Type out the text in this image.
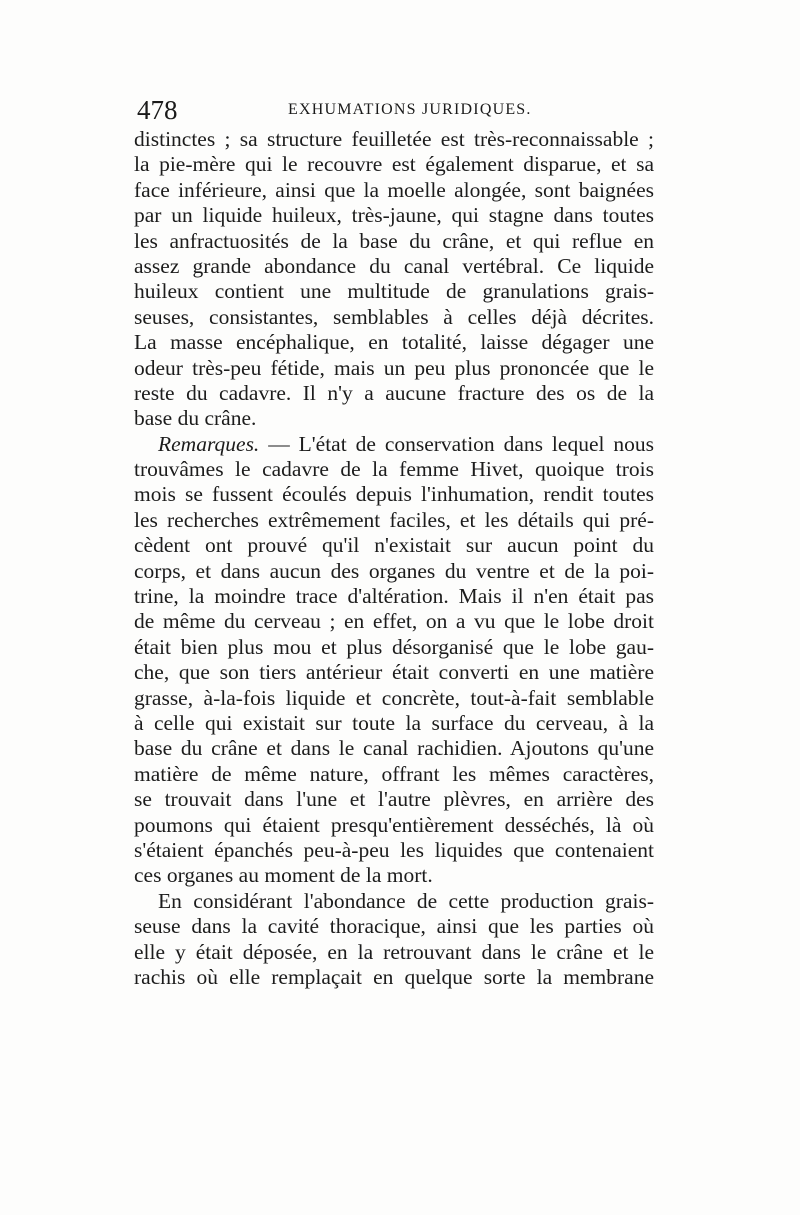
478	EXHUMATIONS JURIDIQUES.
distinctes ; sa structure feuilletée est très-reconnaissable ;
la pie-mère qui le recouvre est également disparue, et sa
face inférieure, ainsi que la moelle alongée, sont baignées
par un liquide huileux, très-jaune, qui stagne dans toutes
les anfractuosités de la base du crâne, et qui reflue en
assez grande abondance du canal vertébral. Ce liquide
huileux contient une multitude de granulations grais-
seuses, consistantes, semblables à celles déjà décrites.
La masse encéphalique, en totalité, laisse dégager une
odeur très-peu fétide, mais un peu plus prononcée que le
reste du cadavre. Il n'y a aucune fracture des os de la
base du crâne.
Remarques. — L'état de conservation dans lequel nous
trouvâmes le cadavre de la femme Hivet, quoique trois
mois se fussent écoulés depuis l'inhumation, rendit toutes
les recherches extrêmement faciles, et les détails qui pré-
cèdent ont prouvé qu'il n'existait sur aucun point du
corps, et dans aucun des organes du ventre et de la poi-
trine, la moindre trace d'altération. Mais il n'en était pas
de même du cerveau ; en effet, on a vu que le lobe droit
était bien plus mou et plus désorganisé que le lobe gau-
che, que son tiers antérieur était converti en une matière
grasse, à-la-fois liquide et concrète, tout-à-fait semblable
à celle qui existait sur toute la surface du cerveau, à la
base du crâne et dans le canal rachidien. Ajoutons qu'une
matière de même nature, offrant les mêmes caractères,
se trouvait dans l'une et l'autre plèvres, en arrière des
poumons qui étaient presqu'entièrement desséchés, là où
s'étaient épanchés peu-à-peu les liquides que contenaient
ces organes au moment de la mort.
En considérant l'abondance de cette production grais-
seuse dans la cavité thoracique, ainsi que les parties où
elle y était déposée, en la retrouvant dans le crâne et le
rachis où elle remplaçait en quelque sorte la membrane
